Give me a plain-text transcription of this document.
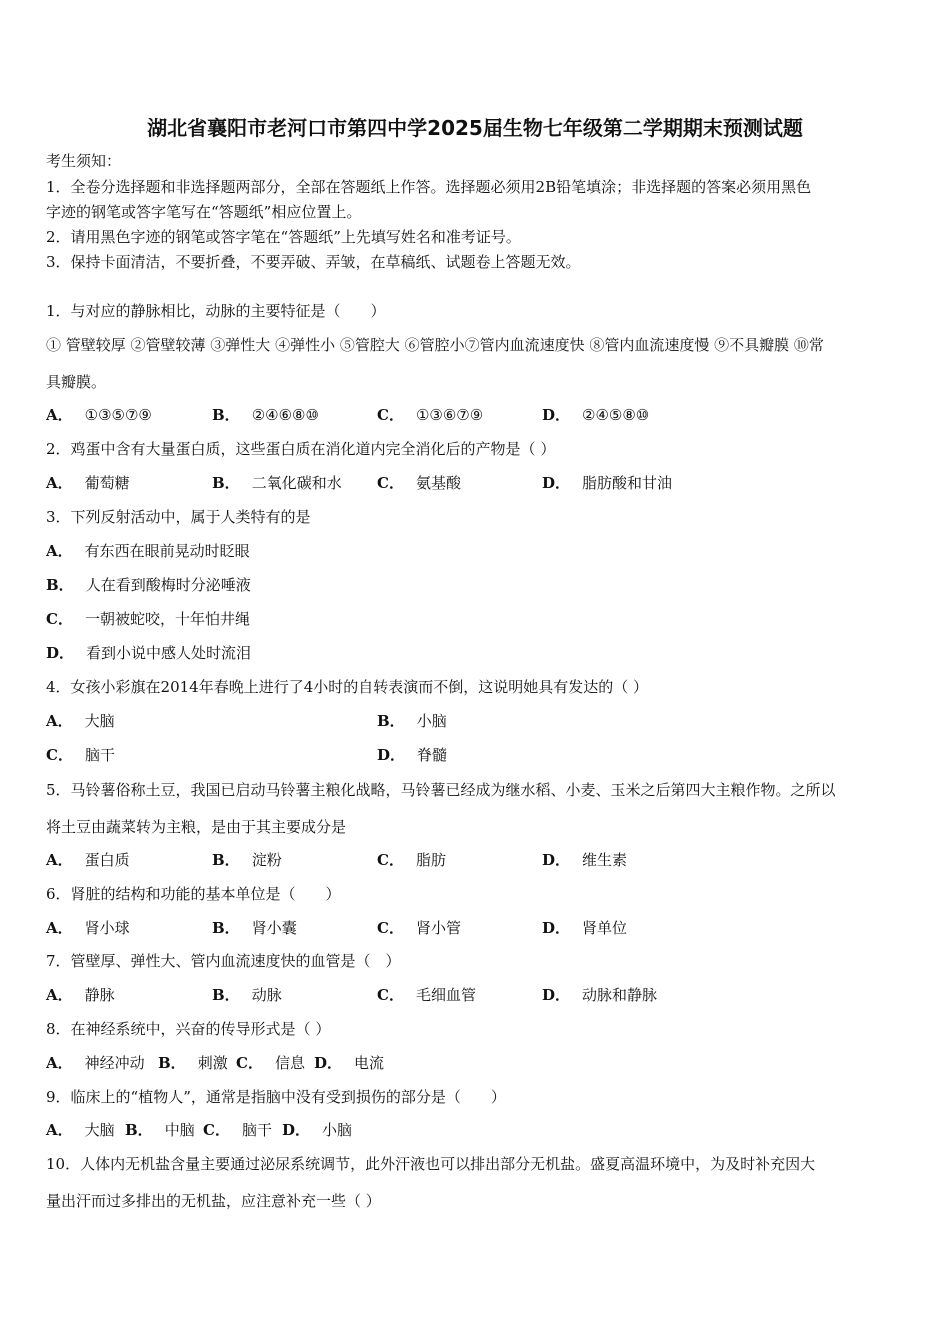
湖北省襄阳市老河口市第四中学2025届生物七年级第二学期期末预测试题
考生须知：
1．全卷分选择题和非选择题两部分，全部在答题纸上作答。选择题必须用2B铅笔填涂；非选择题的答案必须用黑色
字迹的钢笔或答字笔写在“答题纸”相应位置上。
2．请用黑色字迹的钢笔或答字笔在“答题纸”上先填写姓名和准考证号。
3．保持卡面清洁，不要折叠，不要弄破、弄皱，在草稿纸、试题卷上答题无效。
1．与对应的静脉相比，动脉的主要特征是（　　）
① 管壁较厚 ②管壁较薄 ③弹性大 ④弹性小 ⑤管腔大 ⑥管腔小⑦管内血流速度快 ⑧管内血流速度慢 ⑨不具瓣膜 ⑩常
具瓣膜。
A． ①③⑤⑦⑨	B． ②④⑥⑧⑩	C． ①③⑥⑦⑨	D． ②④⑤⑧⑩
2．鸡蛋中含有大量蛋白质，这些蛋白质在消化道内完全消化后的产物是（ ）
A． 葡萄糖	B． 二氧化碳和水 C． 氨基酸	D． 脂肪酸和甘油
3．下列反射活动中，属于人类特有的是
A． 有东西在眼前晃动时眨眼
B． 人在看到酸梅时分泌唾液
C． 一朝被蛇咬，十年怕井绳
D． 看到小说中感人处时流泪
4．女孩小彩旗在2014年春晚上进行了4小时的自转表演而不倒，这说明她具有发达的（ ）
A． 大脑	B． 小脑
C． 脑干	D． 脊髓
5．马铃薯俗称土豆，我国已启动马铃薯主粮化战略，马铃薯已经成为继水稻、小麦、玉米之后第四大主粮作物。之所以
将土豆由蔬菜转为主粮，是由于其主要成分是
A． 蛋白质	B． 淀粉	C． 脂肪	D． 维生素
6．肾脏的结构和功能的基本单位是（　　）
A． 肾小球	B． 肾小囊	C． 肾小管	D． 肾单位
7．管壁厚、弹性大、管内血流速度快的血管是（　）
A． 静脉	B． 动脉	C． 毛细血管	D． 动脉和静脉
8．在神经系统中，兴奋的传导形式是（ ）
A． 神经冲动 B． 刺激 C． 信息 D． 电流
9．临床上的“植物人”，通常是指脑中没有受到损伤的部分是（　　）
A． 大脑 B． 中脑 C． 脑干 D． 小脑
10．人体内无机盐含量主要通过泌尿系统调节，此外汗液也可以排出部分无机盐。盛夏高温环境中，为及时补充因大
量出汗而过多排出的无机盐，应注意补充一些（ ）
